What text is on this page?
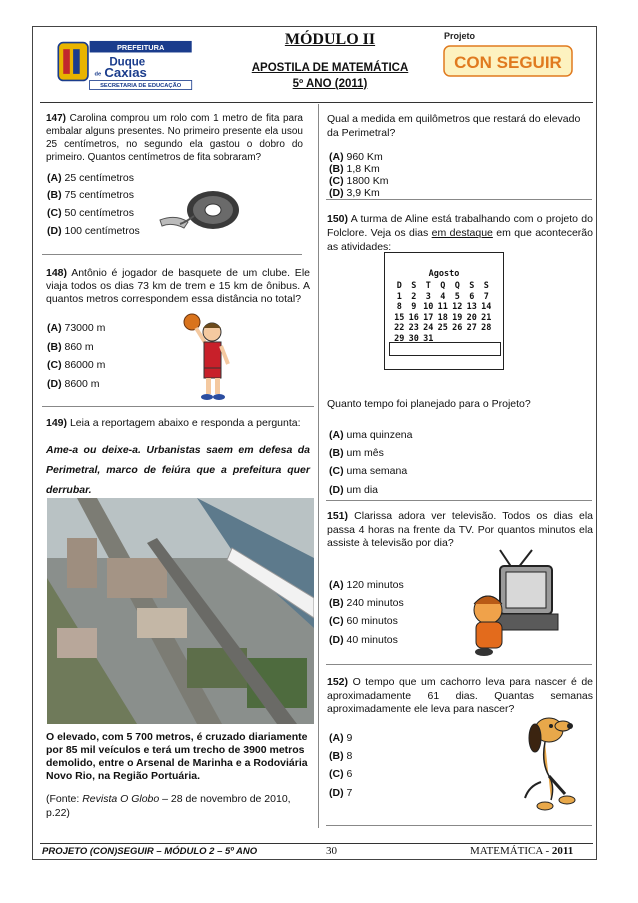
PREFEITURA
Duque
de Caxias
SECRETARIA DE EDUCAÇÃO
MÓDULO II
APOSTILA DE MATEMÁTICA
5º ANO (2011)
Projeto
CON SEGUIR
147) Carolina comprou um rolo com 1 metro de fita para embalar alguns presentes. No primeiro presente ela usou 25 centímetros, no segundo ela gastou o dobro do primeiro. Quantos centímetros de fita sobraram?
(A) 25 centímetros
(B) 75 centímetros
(C) 50 centímetros
(D) 100 centímetros
148) Antônio é jogador de basquete de um clube. Ele viaja todos os dias 73 km de trem e 15 km de ônibus. A quantos metros correspondem essa distância no total?
(A) 73000 m
(B) 860 m
(C) 86000 m
(D) 8600 m
149) Leia a reportagem abaixo e responda a pergunta:
Ame-a ou deixe-a. Urbanistas saem em defesa da Perimetral, marco de feiúra que a prefeitura quer derrubar.
O elevado, com 5 700 metros, é cruzado diariamente por 85 mil veículos e terá um trecho de 3900 metros demolido, entre o Arsenal de Marinha e a Rodoviária Novo Rio, na Região Portuária.
(Fonte: Revista O Globo – 28 de novembro de 2010, p.22)
Qual a medida em quilômetros que restará do elevado da Perimetral?
(A) 960 Km
(B) 1,8 Km
(C) 1800 Km
(D) 3,9 Km
150) A turma de Aline está trabalhando com o projeto do Folclore. Veja os dias em destaque em que acontecerão as atividades:
Agosto
D	S	T	Q	Q	S	S
1	2	3	4	5	6	7
8	9 10 11 12 13 14
15 16 17 18 19 20 21
22 23 24 25 26 27 28
29 30 31
Quanto tempo foi planejado para o Projeto?
(A) uma quinzena
(B) um mês
(C) uma semana
(D) um dia
151) Clarissa adora ver televisão. Todos os dias ela passa 4 horas na frente da TV. Por quantos minutos ela assiste à televisão por dia?
(A) 120 minutos
(B) 240 minutos
(C) 60 minutos
(D) 40 minutos
152) O tempo que um cachorro leva para nascer é de aproximadamente 61 dias. Quantas semanas aproximadamente ele leva para nascer?
(A) 9
(B) 8
(C) 6
(D) 7
PROJETO (CON)SEGUIR – MÓDULO 2 – 5º ANO	30	MATEMÁTICA - 2011
